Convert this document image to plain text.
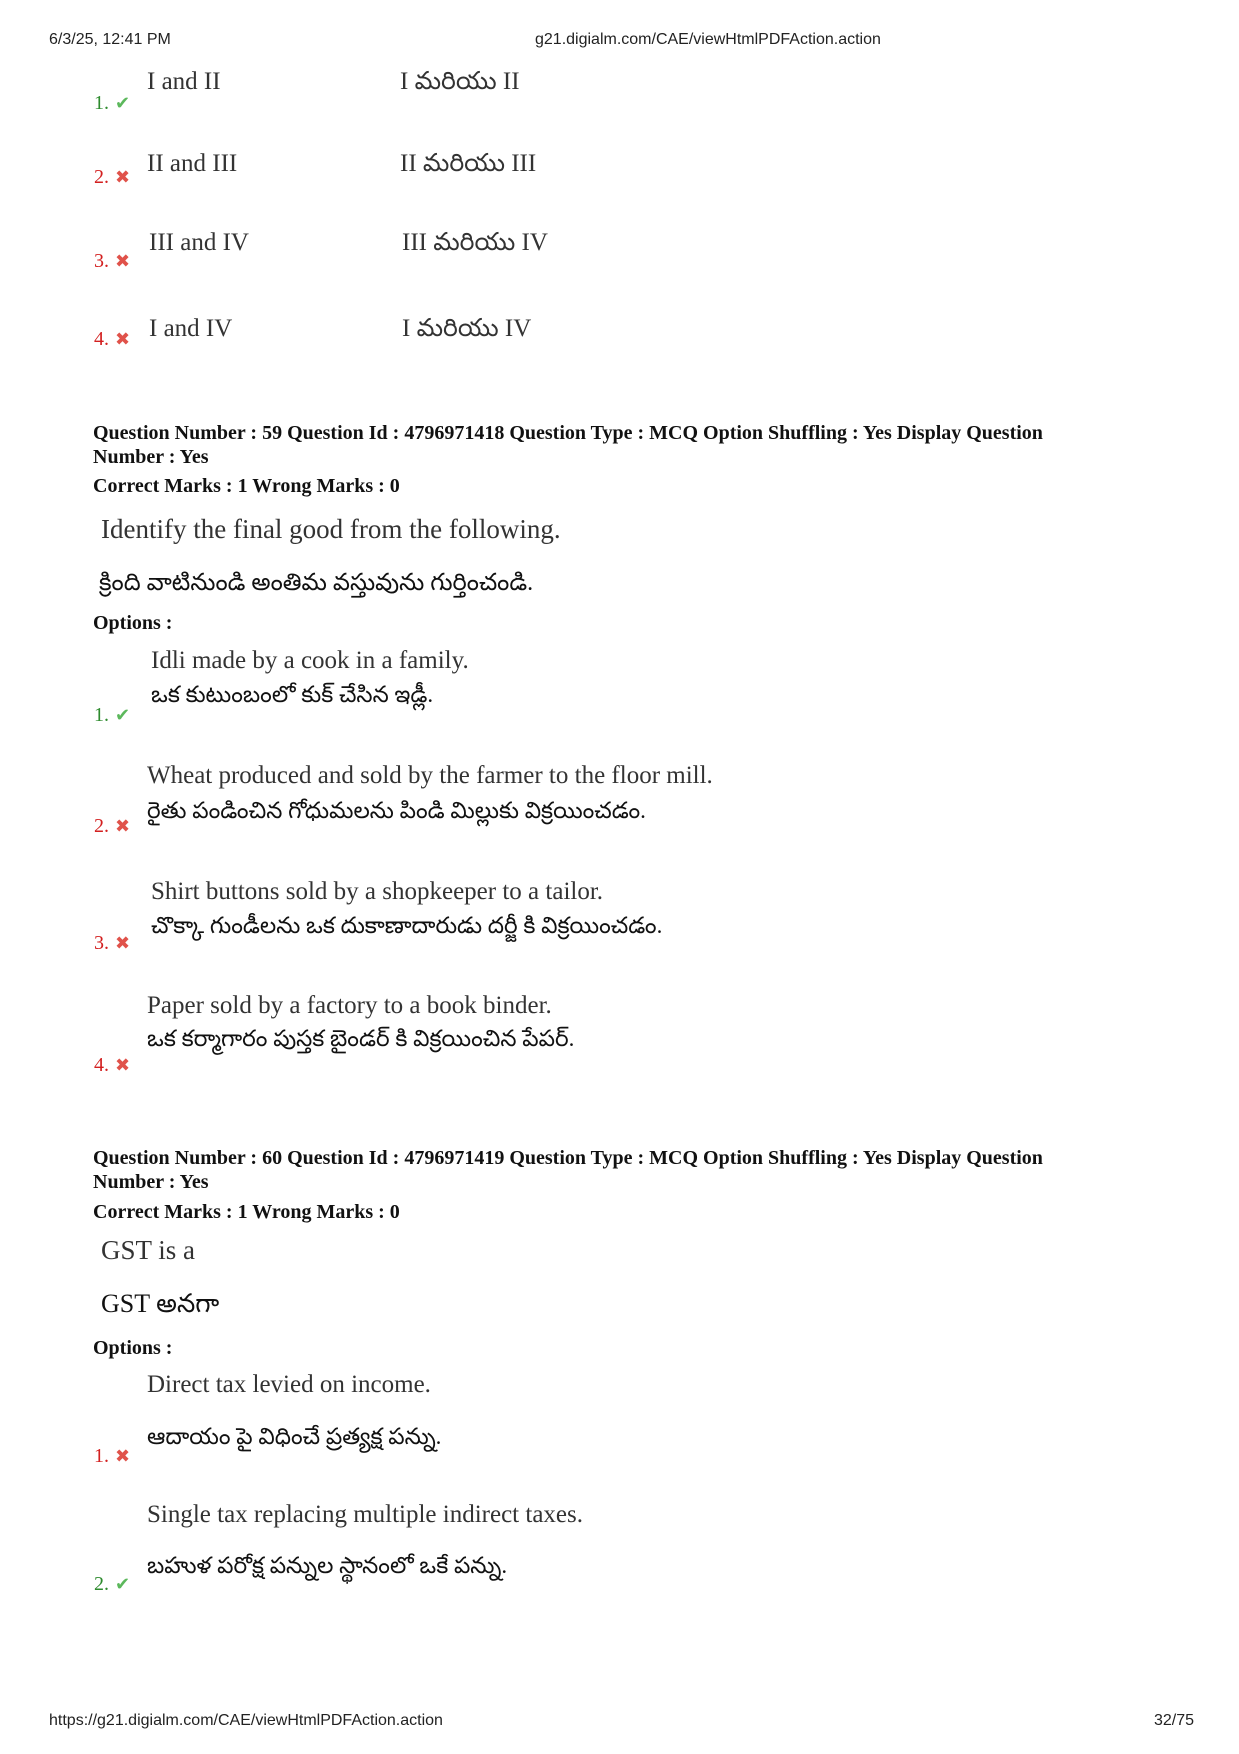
6/3/25, 12:41 PM	g21.digialm.com/CAE/viewHtmlPDFAction.action
1. ✔
I and II	I మరియు II
2. ✖ II and III	II మరియు III
3. ✖
III and IV	III మరియు IV
4. ✖ I and IV	I మరియు IV
Question Number : 59 Question Id : 4796971418 Question Type : MCQ Option Shuffling : Yes Display Question
Number : Yes
Correct Marks : 1 Wrong Marks : 0
Identify the final good from the following.
క్రింది వాటినుండి అంతిమ వస్తువును గుర్తించండి.
Options :
1. ✔
Idli made by a cook in a family.
ఒక కుటుంబంలో కుక్ చేసిన ఇడ్లీ.
2. ✖
Wheat produced and sold by the farmer to the floor mill.
రైతు పండించిన గోధుమలను పిండి మిల్లుకు విక్రయించడం.
3. ✖
Shirt buttons sold by a shopkeeper to a tailor.
చొక్కా గుండీలను ఒక దుకాణాదారుడు దర్జీ కి విక్రయించడం.
4. ✖
Paper sold by a factory to a book binder.
ఒక కర్మాగారం పుస్తక బైండర్ కి విక్రయించిన పేపర్.
Question Number : 60 Question Id : 4796971419 Question Type : MCQ Option Shuffling : Yes Display Question
Number : Yes
Correct Marks : 1 Wrong Marks : 0
GST is a
GST అనగా
Options :
1. ✖
Direct tax levied on income.
ఆదాయం పై విధించే ప్రత్యక్ష పన్ను.
2. ✔
Single tax replacing multiple indirect taxes.
బహుళ పరోక్ష పన్నుల స్థానంలో ఒకే పన్ను.
https://g21.digialm.com/CAE/viewHtmlPDFAction.action	32/75
